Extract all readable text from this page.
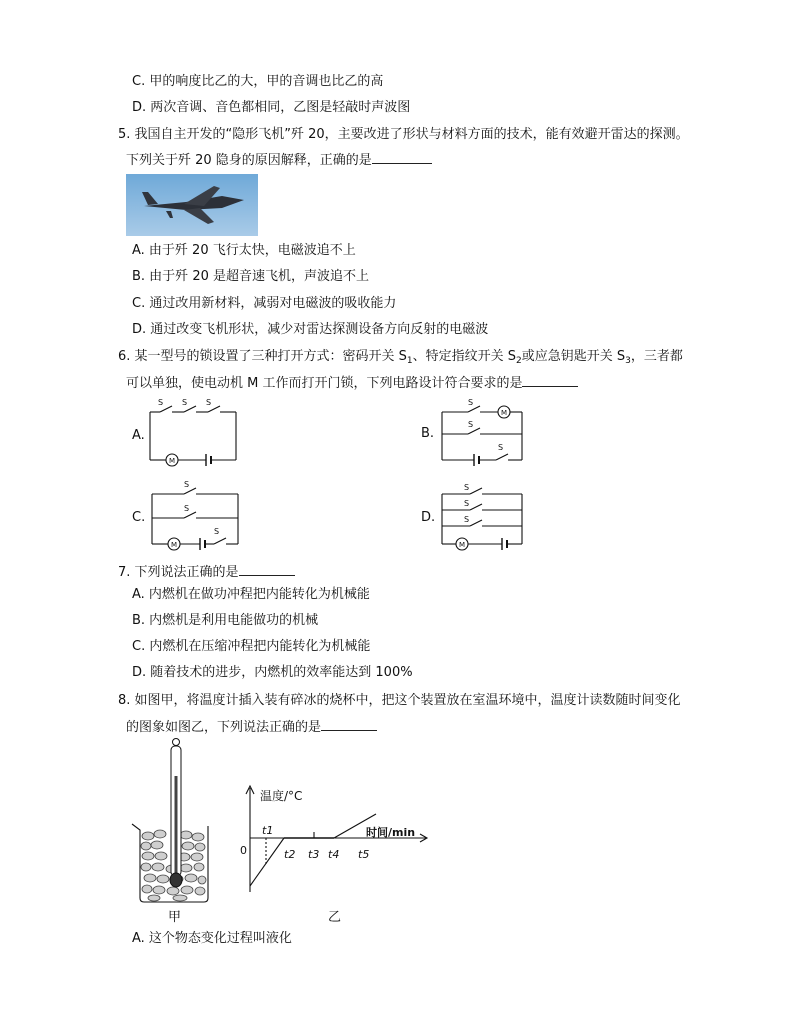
C. 甲的响度比乙的大，甲的音调也比乙的高
D. 两次音调、音色都相同，乙图是轻敲时声波图
5. 我国自主开发的“隐形飞机”歼 20，主要改进了形状与材料方面的技术，能有效避开雷达的探测。
下列关于歼 20 隐身的原因解释，正确的是
A. 由于歼 20 飞行太快，电磁波追不上
B. 由于歼 20 是超音速飞机，声波追不上
C. 通过改用新材料，减弱对电磁波的吸收能力
D. 通过改变飞机形状，减少对雷达探测设备方向反射的电磁波
6. 某一型号的锁设置了三种打开方式：密码开关 $S_1$、特定指纹开关 $S_2$或应急钥匙开关 $S_3$，三者都
可以单独，使电动机 M 工作而打开门锁，下列电路设计符合要求的是
A.
M
S S S
B.
M
S
S
S
C.
M
S
S
S
D.
M
S
S
S
7. 下列说法正确的是
A. 内燃机在做功冲程把内能转化为机械能
B. 内燃机是利用电能做功的机械
C. 内燃机在压缩冲程把内能转化为机械能
D. 随着技术的进步，内燃机的效率能达到 100%
8. 如图甲，将温度计插入装有碎冰的烧杯中，把这个装置放在室温环境中，温度计读数随时间变化
的图象如图乙，下列说法正确的是
甲
温度/°C
时间/min
0
t1
t2 t3 t4 t5
乙
A. 这个物态变化过程叫液化
